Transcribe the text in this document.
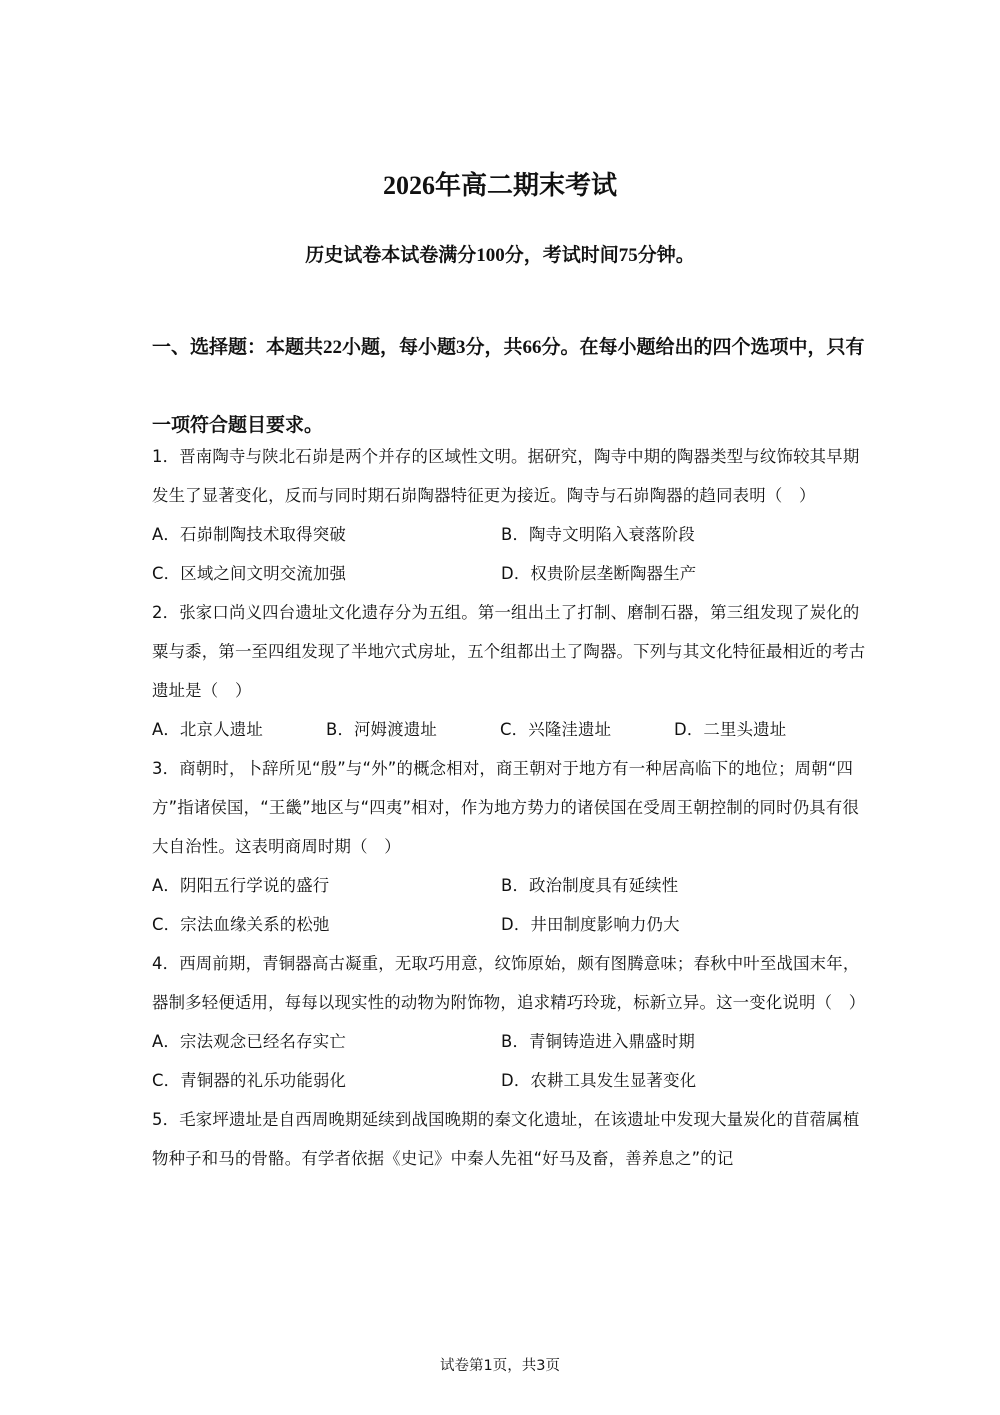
2026年高二期末考试
历史试卷本试卷满分100分，考试时间75分钟。
一、选择题：本题共22小题，每小题3分，共66分。在每小题给出的四个选项中，只有一项符合题目要求。

1．晋南陶寺与陕北石峁是两个并存的区域性文明。据研究，陶寺中期的陶器类型与纹饰较其早期发生了显著变化，反而与同时期石峁陶器特征更为接近。陶寺与石峁陶器的趋同表明（　）

A．石峁制陶技术取得突破	B．陶寺文明陷入衰落阶段
C．区域之间文明交流加强	D．权贵阶层垄断陶器生产

2．张家口尚义四台遗址文化遗存分为五组。第一组出土了打制、磨制石器，第三组发现了炭化的粟与黍，第一至四组发现了半地穴式房址，五个组都出土了陶器。下列与其文化特征最相近的考古遗址是（　）

A．北京人遗址	B．河姆渡遗址	C．兴隆洼遗址	D．二里头遗址

3．商朝时，卜辞所见“殷”与“外”的概念相对，商王朝对于地方有一种居高临下的地位；周朝“四方”指诸侯国，“王畿”地区与“四夷”相对，作为地方势力的诸侯国在受周王朝控制的同时仍具有很大自治性。这表明商周时期（　）

A．阴阳五行学说的盛行	B．政治制度具有延续性
C．宗法血缘关系的松弛	D．井田制度影响力仍大

4．西周前期，青铜器高古凝重，无取巧用意，纹饰原始，颇有图腾意味；春秋中叶至战国末年，器制多轻便适用，每每以现实性的动物为附饰物，追求精巧玲珑，标新立异。这一变化说明（　）

A．宗法观念已经名存实亡	B．青铜铸造进入鼎盛时期
C．青铜器的礼乐功能弱化	D．农耕工具发生显著变化

5．毛家坪遗址是自西周晚期延续到战国晚期的秦文化遗址，在该遗址中发现大量炭化的苜蓿属植物种子和马的骨骼。有学者依据《史记》中秦人先祖“好马及畜，善养息之”的记

试卷第1页，共3页
